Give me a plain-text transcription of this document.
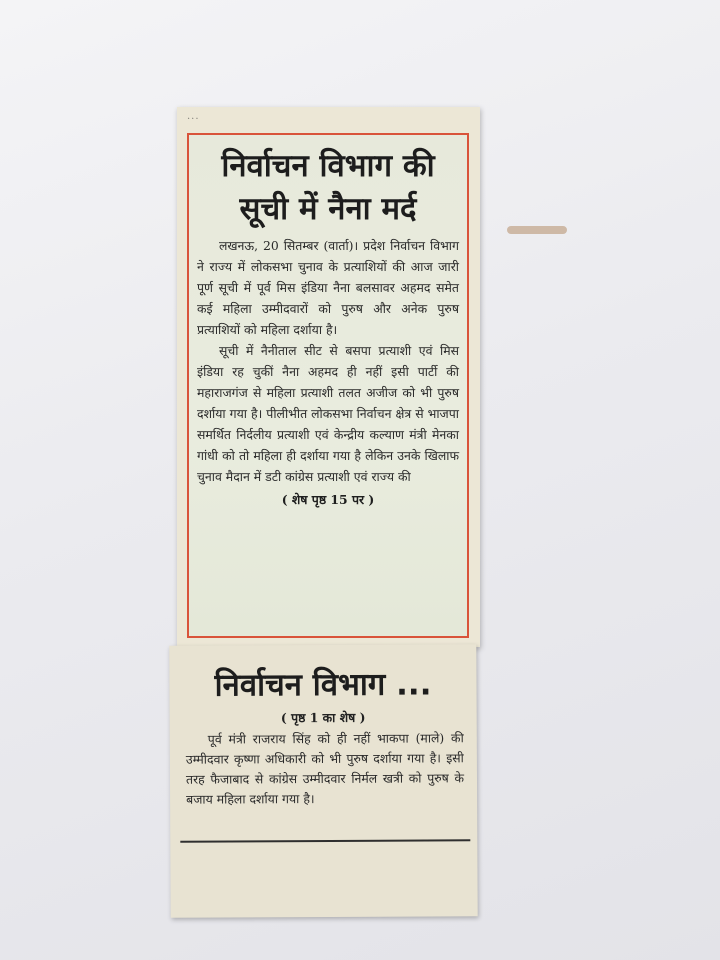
...
निर्वाचन विभाग की सूची में नैना मर्द

लखनऊ, 20 सितम्बर (वार्ता)। प्रदेश निर्वाचन विभाग ने राज्य में लोकसभा चुनाव के प्रत्याशियों की आज जारी पूर्ण सूची में पूर्व मिस इंडिया नैना बलसावर अहमद समेत कई महिला उम्मीदवारों को पुरुष और अनेक पुरुष प्रत्याशियों को महिला दर्शाया है।

सूची में नैनीताल सीट से बसपा प्रत्याशी एवं मिस इंडिया रह चुकीं नैना अहमद ही नहीं इसी पार्टी की महाराजगंज से महिला प्रत्याशी तलत अजीज को भी पुरुष दर्शाया गया है। पीलीभीत लोकसभा निर्वाचन क्षेत्र से भाजपा समर्थित निर्दलीय प्रत्याशी एवं केन्द्रीय कल्याण मंत्री मेनका गांधी को तो महिला ही दर्शाया गया है लेकिन उनके खिलाफ चुनाव मैदान में डटी कांग्रेस प्रत्याशी एवं राज्य की

( शेष पृष्ठ 15 पर )
निर्वाचन विभाग ...
( पृष्ठ 1 का शेष )

पूर्व मंत्री राजराय सिंह को ही नहीं भाकपा (माले) की उम्मीदवार कृष्णा अधिकारी को भी पुरुष दर्शाया गया है। इसी तरह फैजाबाद से कांग्रेस उम्मीदवार निर्मल खत्री को पुरुष के बजाय महिला दर्शाया गया है।
